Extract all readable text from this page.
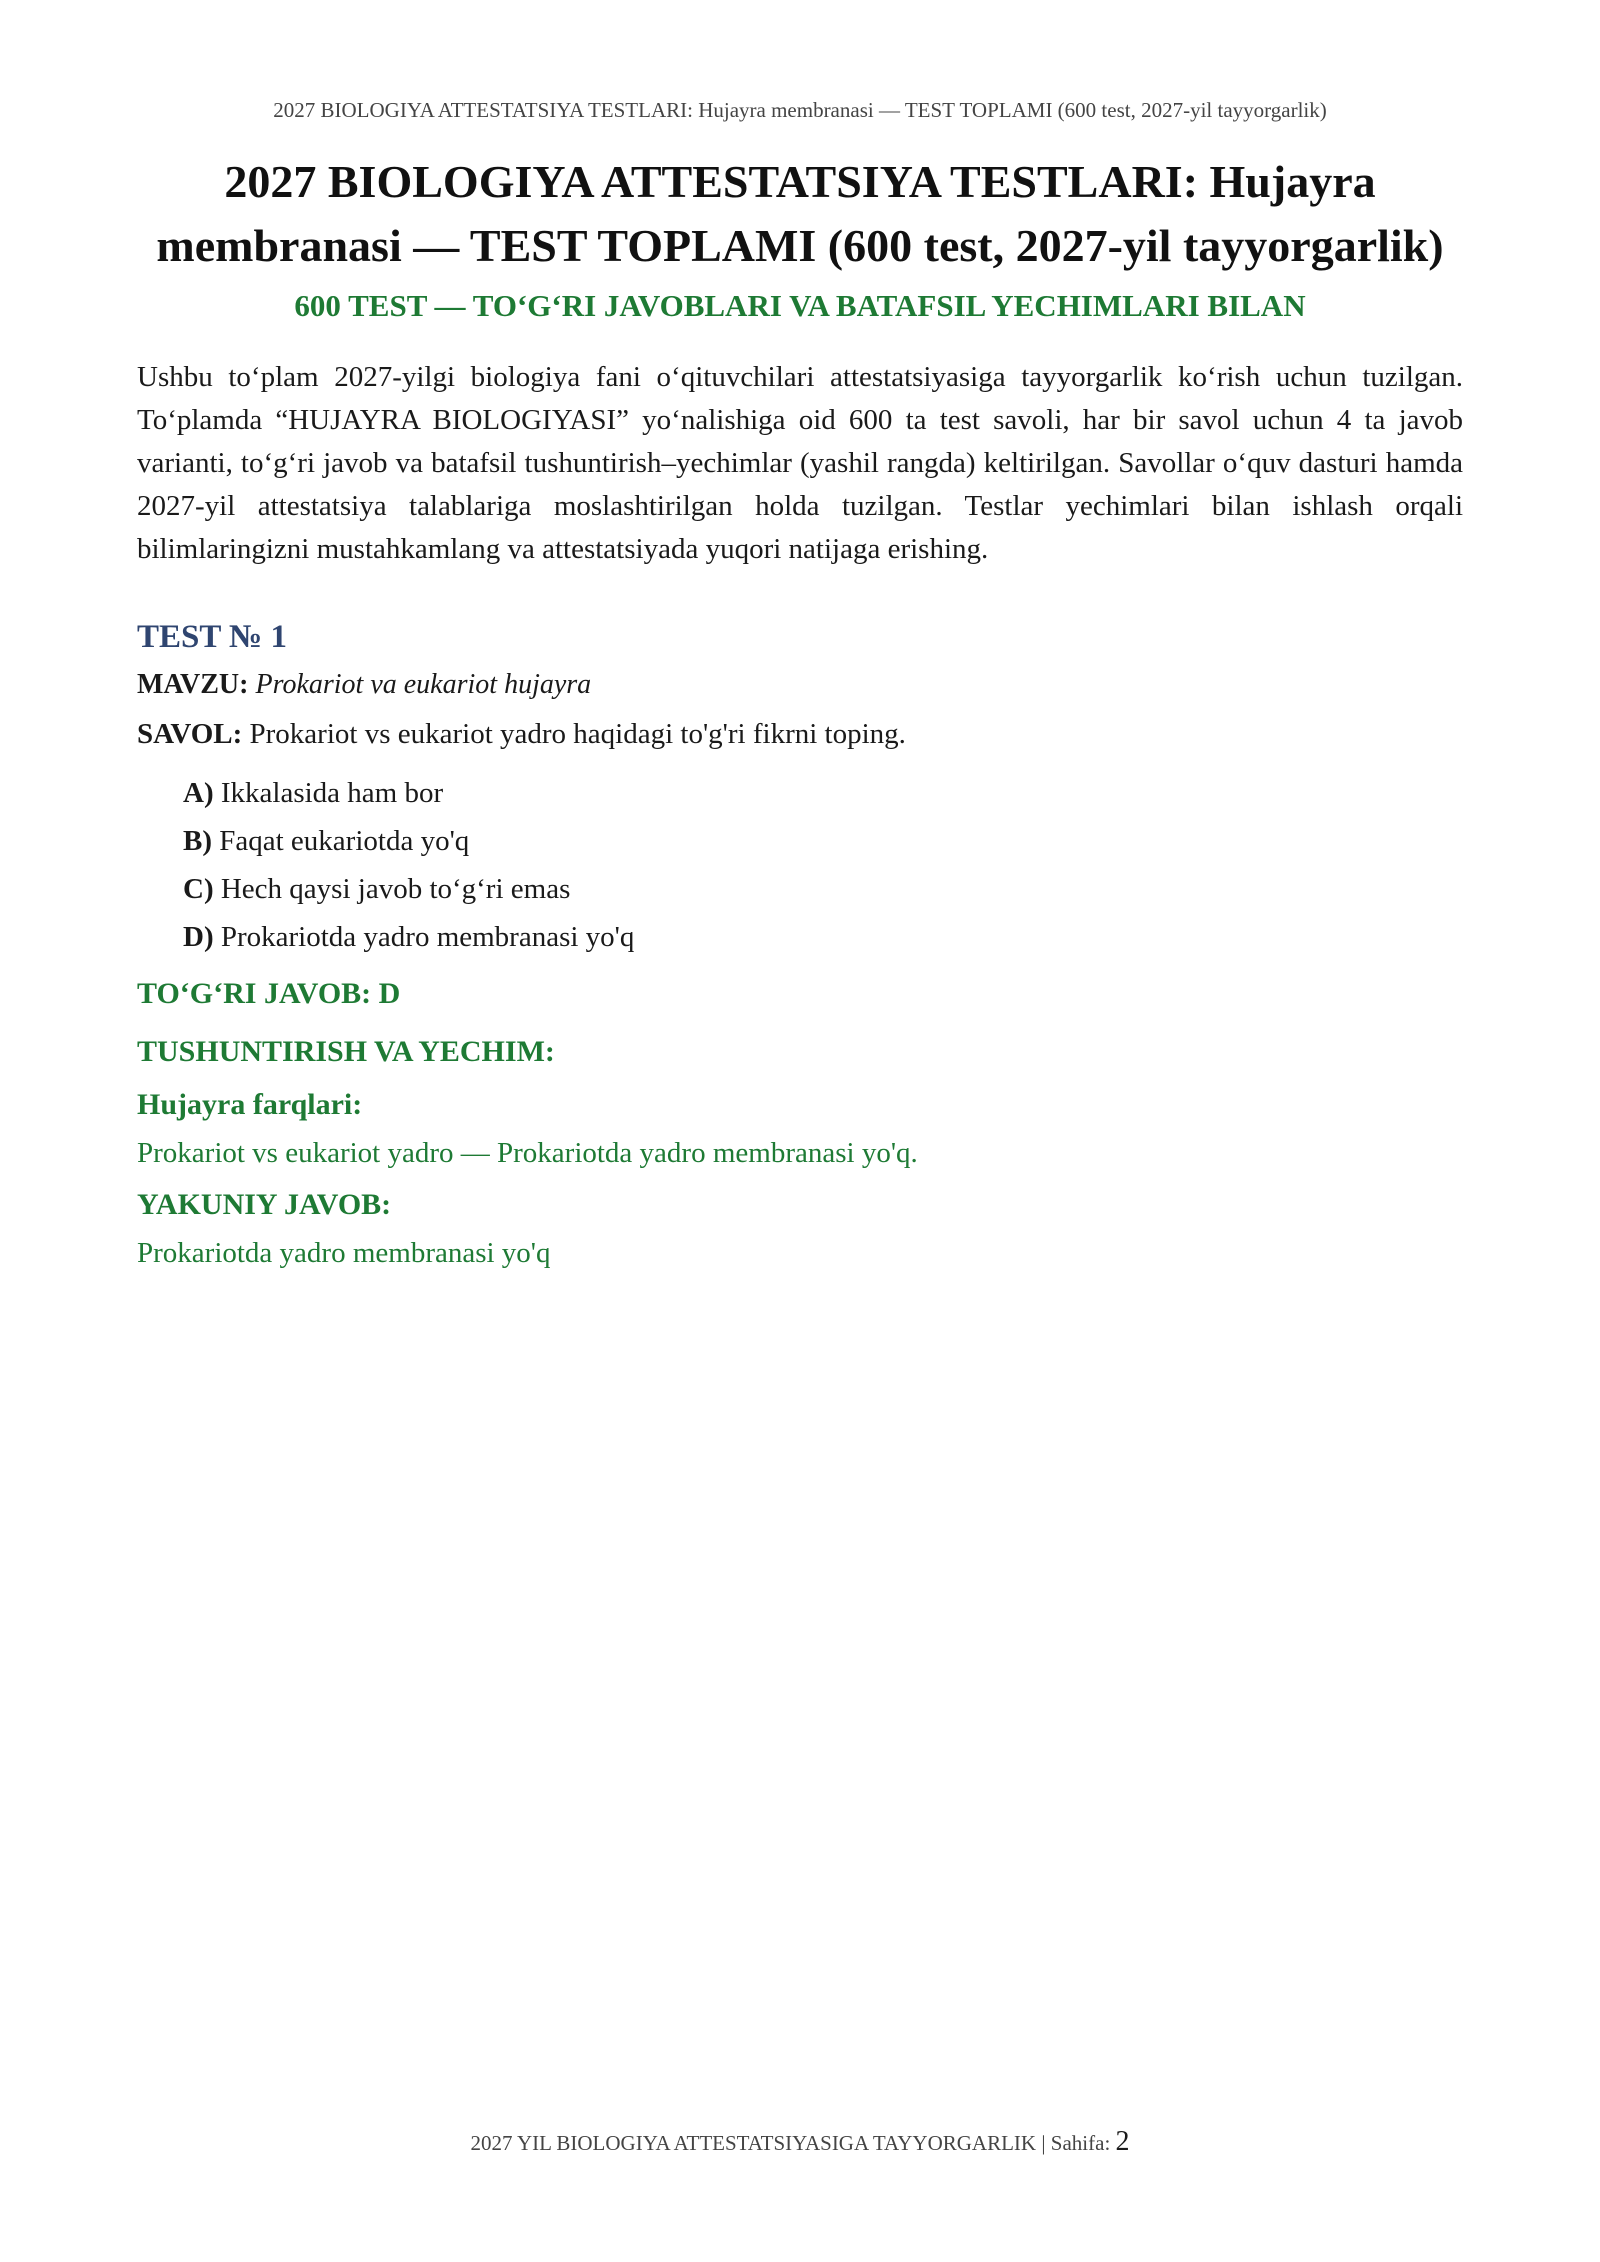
2027 BIOLOGIYA ATTESTATSIYA TESTLARI: Hujayra membranasi — TEST TOPLAMI (600 test, 2027-yil tayyorgarlik)
2027 BIOLOGIYA ATTESTATSIYA TESTLARI: Hujayra membranasi — TEST TOPLAMI (600 test, 2027-yil tayyorgarlik)
600 TEST — TO‘G‘RI JAVOBLARI VA BATAFSIL YECHIMLARI BILAN

Ushbu to‘plam 2027-yilgi biologiya fani o‘qituvchilari attestatsiyasiga tayyorgarlik ko‘rish uchun tuzilgan. To‘plamda “HUJAYRA BIOLOGIYASI” yo‘nalishiga oid 600 ta test savoli, har bir savol uchun 4 ta javob varianti, to‘g‘ri javob va batafsil tushuntirish–yechimlar (yashil rangda) keltirilgan. Savollar o‘quv dasturi hamda 2027-yil attestatsiya talablariga moslashtirilgan holda tuzilgan. Testlar yechimlari bilan ishlash orqali bilimlaringizni mustahkamlang va attestatsiyada yuqori natijaga erishing.

TEST № 1
MAVZU: Prokariot va eukariot hujayra
SAVOL: Prokariot vs eukariot yadro haqidagi to'g'ri fikrni toping.
A) Ikkalasida ham bor
B) Faqat eukariotda yo'q
C) Hech qaysi javob to‘g‘ri emas
D) Prokariotda yadro membranasi yo'q
TO‘G‘RI JAVOB: D
TUSHUNTIRISH VA YECHIM:
Hujayra farqlari:
Prokariot vs eukariot yadro — Prokariotda yadro membranasi yo'q.
YAKUNIY JAVOB:
Prokariotda yadro membranasi yo'q
2027 YIL BIOLOGIYA ATTESTATSIYASIGA TAYYORGARLIK | Sahifa: 2
